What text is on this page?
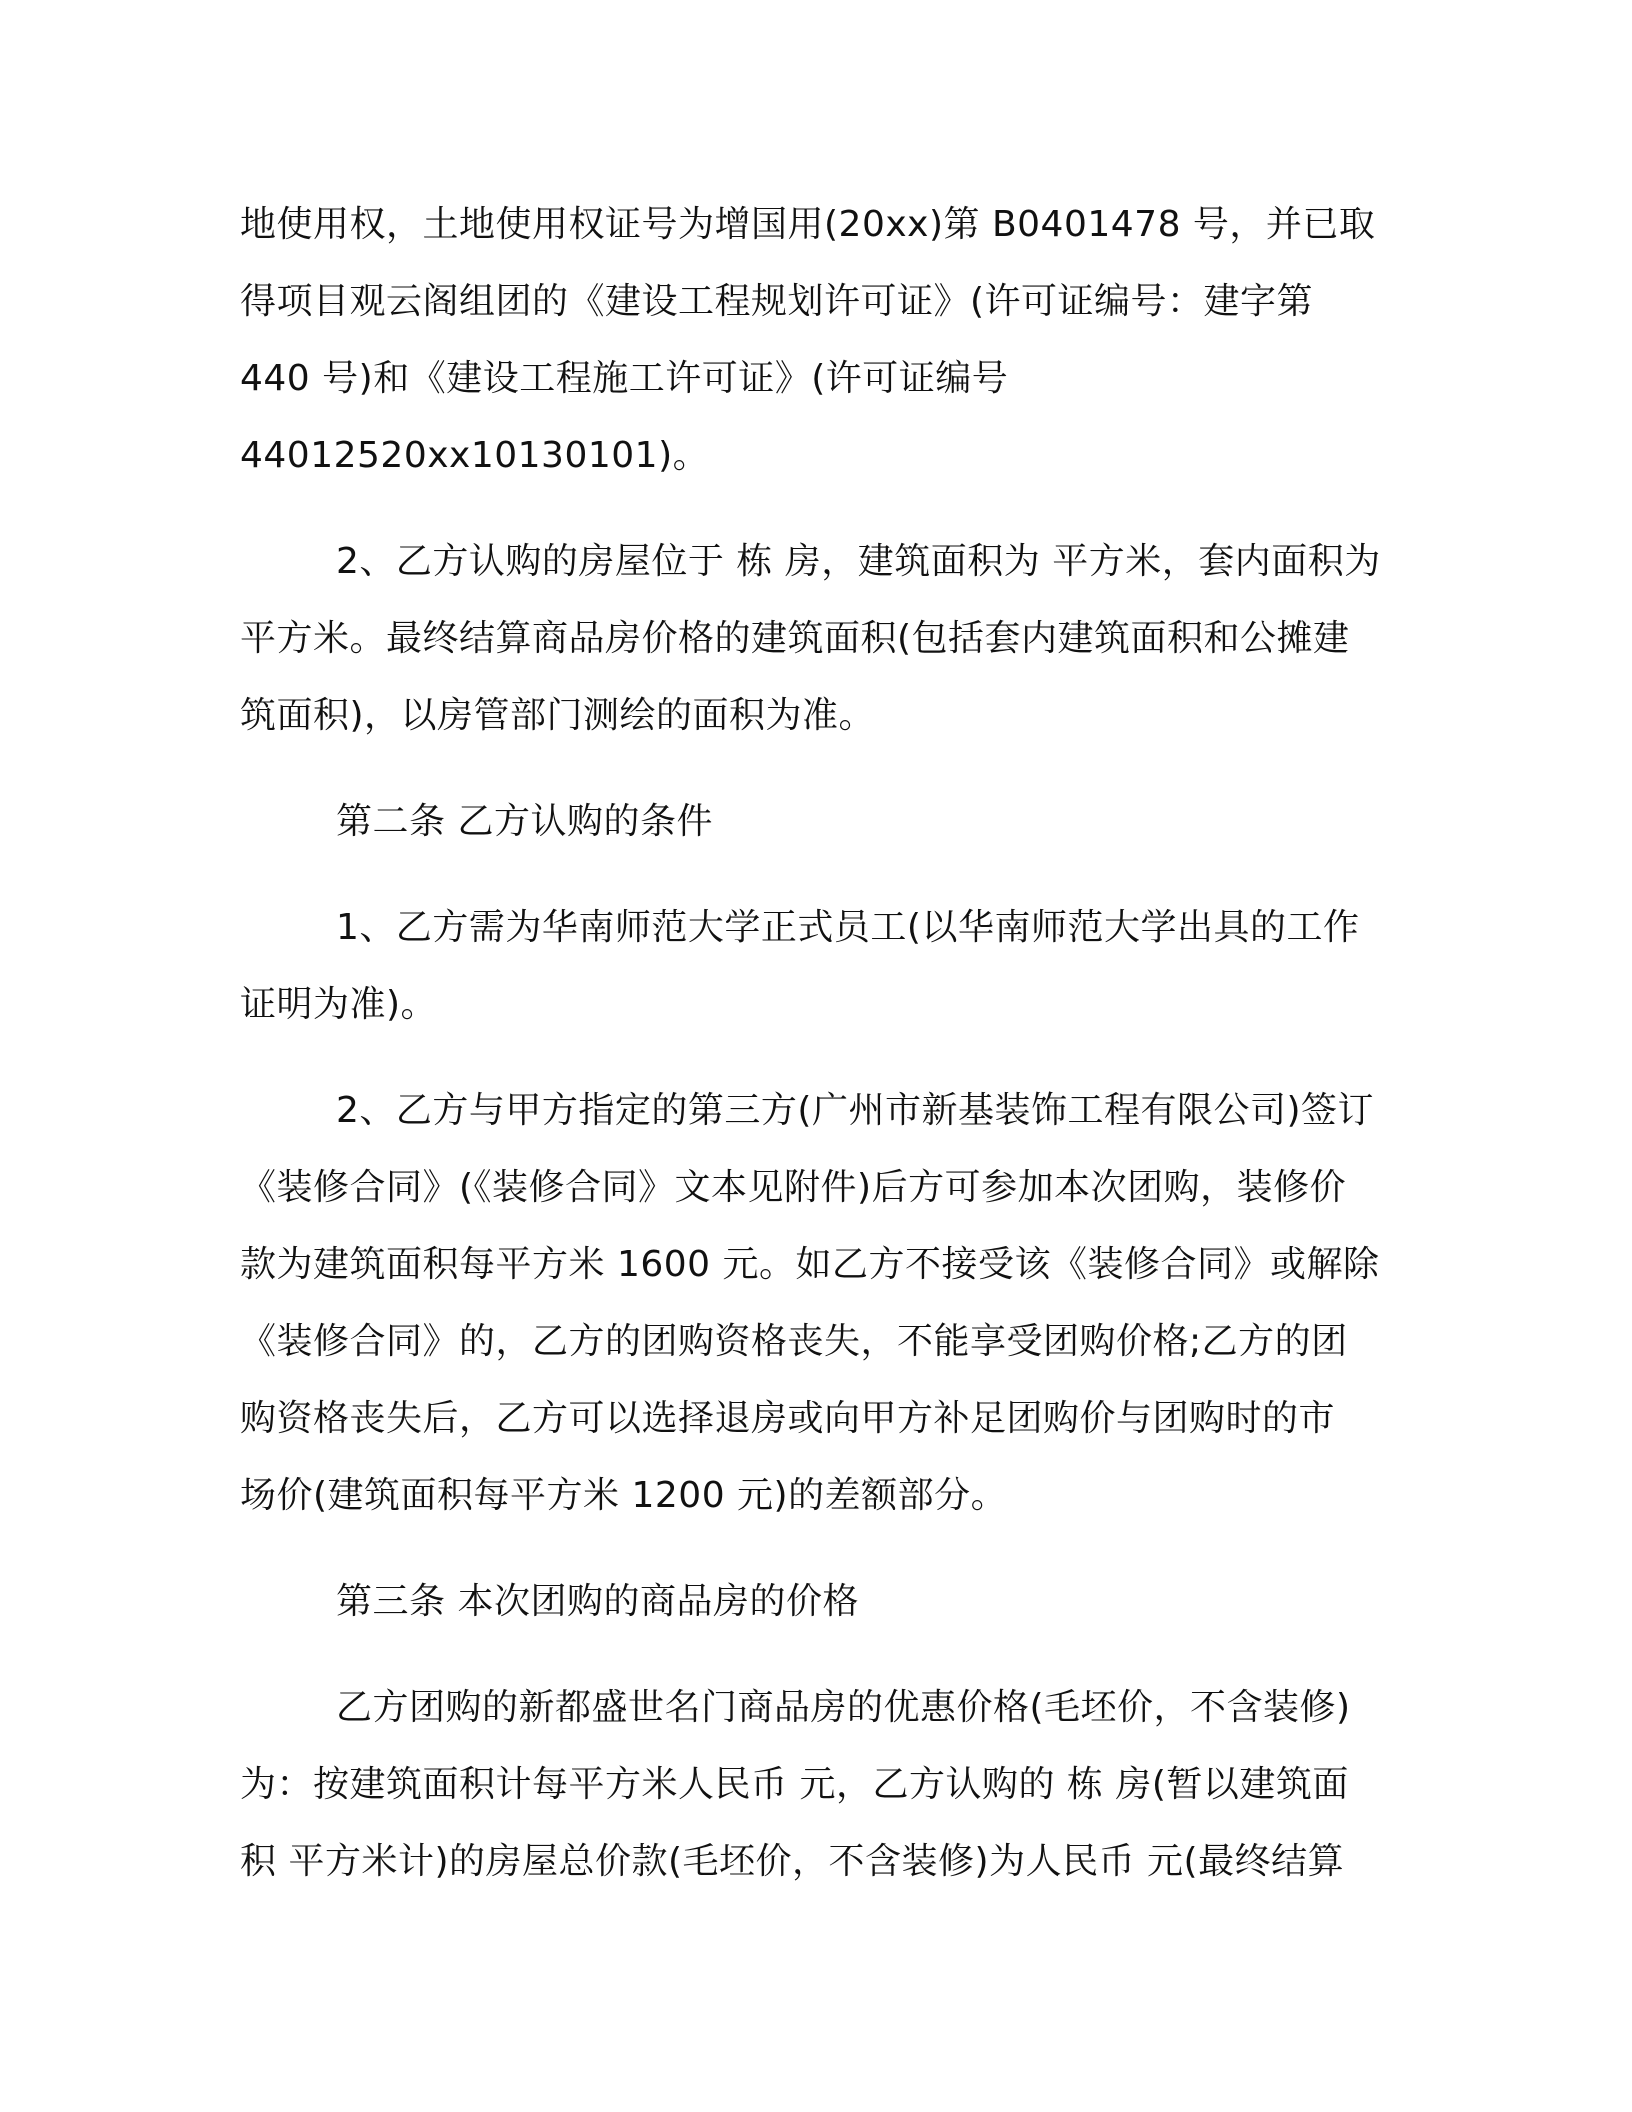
地使用权，土地使用权证号为增国用(20xx)第 B0401478 号，并已取
得项目观云阁组团的《建设工程规划许可证》(许可证编号：建字第
440 号)和《建设工程施工许可证》(许可证编号
44012520xx10130101)。

2、乙方认购的房屋位于 栋 房，建筑面积为 平方米，套内面积为
平方米。最终结算商品房价格的建筑面积(包括套内建筑面积和公摊建
筑面积)，以房管部门测绘的面积为准。

第二条 乙方认购的条件

1、乙方需为华南师范大学正式员工(以华南师范大学出具的工作
证明为准)。

2、乙方与甲方指定的第三方(广州市新基装饰工程有限公司)签订
《装修合同》(《装修合同》文本见附件)后方可参加本次团购，装修价
款为建筑面积每平方米 1600 元。如乙方不接受该《装修合同》或解除
《装修合同》的，乙方的团购资格丧失，不能享受团购价格;乙方的团
购资格丧失后，乙方可以选择退房或向甲方补足团购价与团购时的市
场价(建筑面积每平方米 1200 元)的差额部分。

第三条 本次团购的商品房的价格

乙方团购的新都盛世名门商品房的优惠价格(毛坯价，不含装修)
为：按建筑面积计每平方米人民币 元，乙方认购的 栋 房(暂以建筑面
积 平方米计)的房屋总价款(毛坯价，不含装修)为人民币 元(最终结算
